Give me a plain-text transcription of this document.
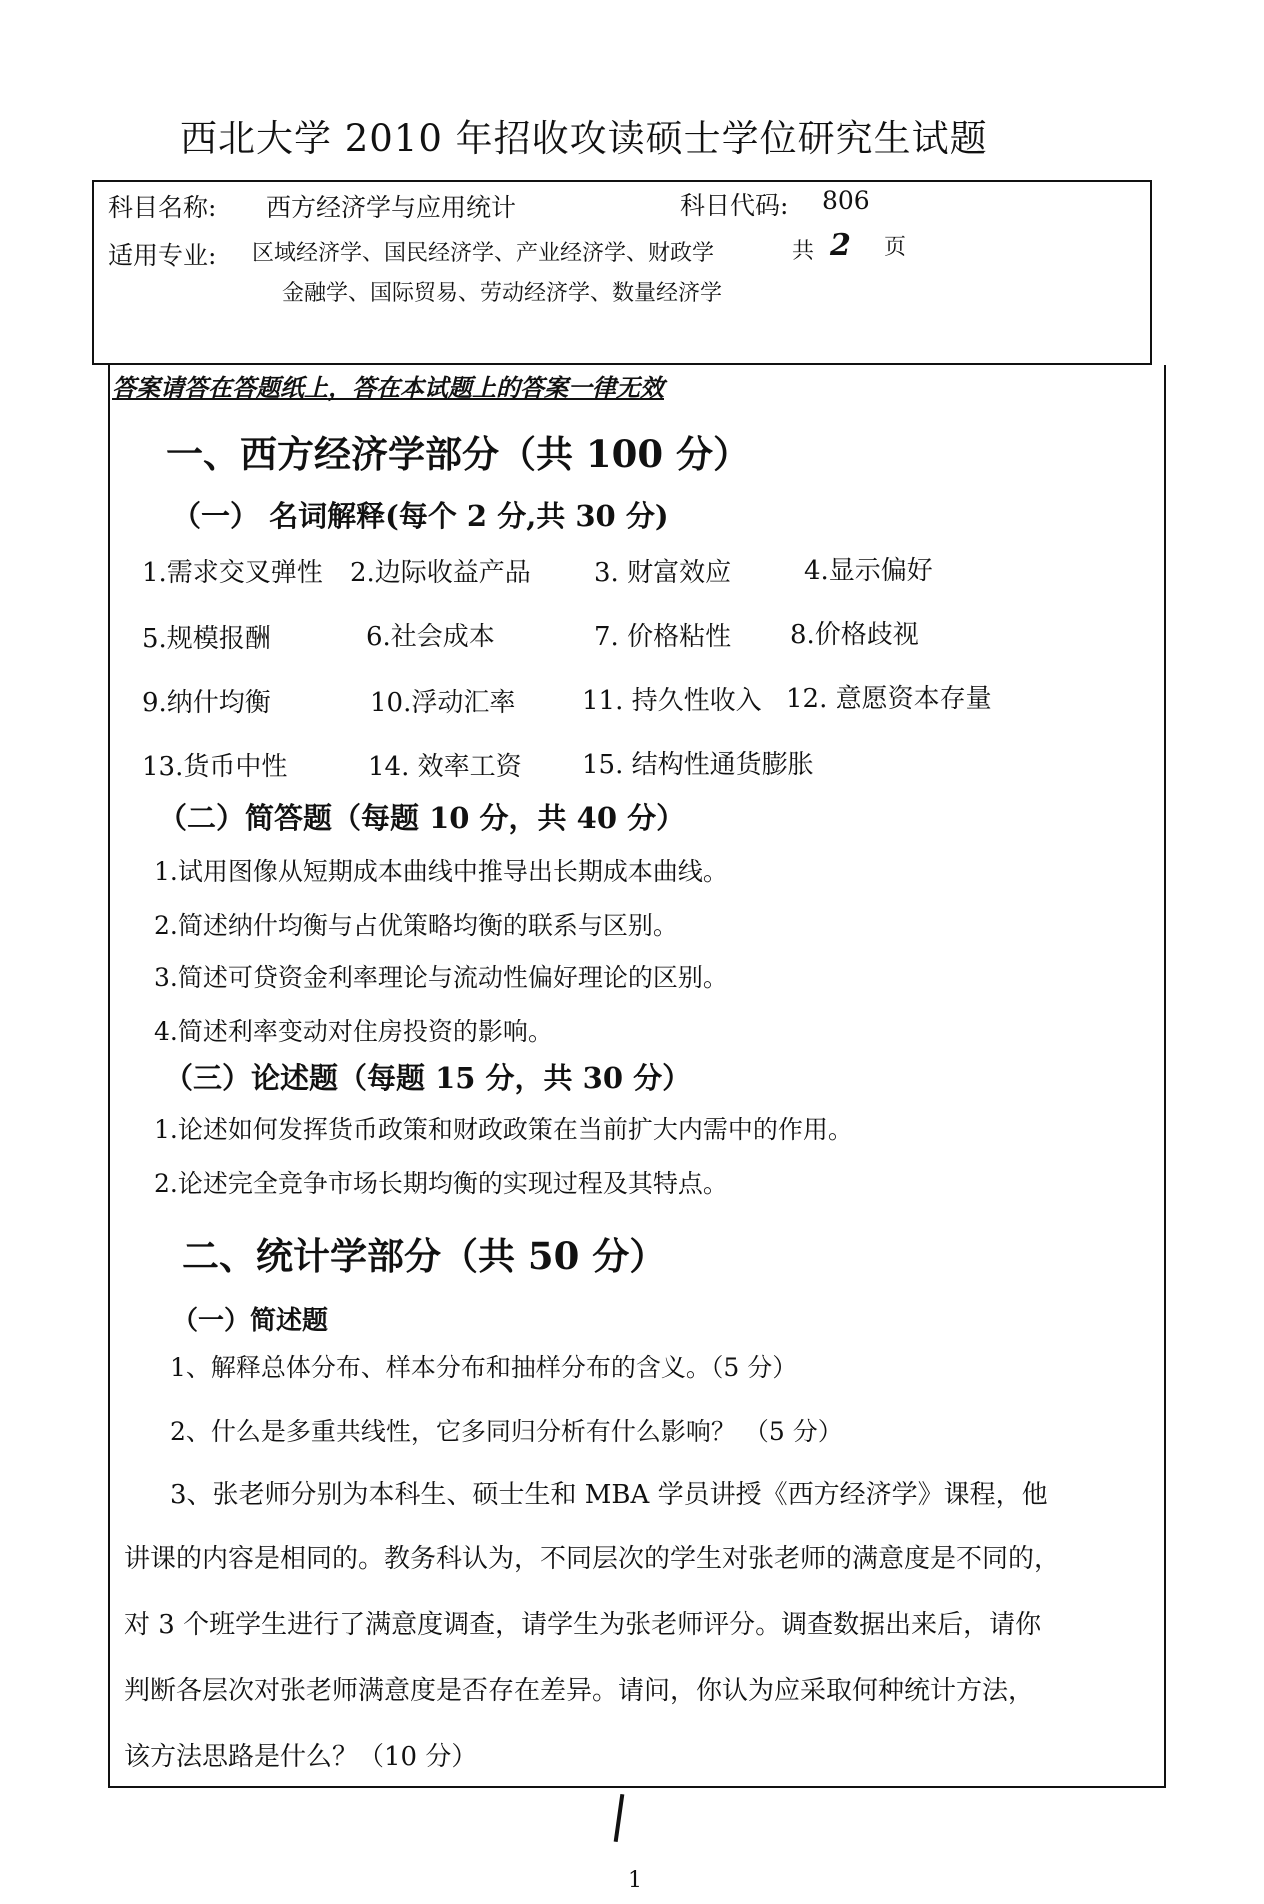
西北大学 2010 年招收攻读硕士学位研究生试题
科目名称: 西方经济学与应用统计	科日代码: 806
适用专业: 区域经济学、国民经济学、产业经济学、财政学	共 2 页
金融学、国际贸易、劳动经济学、数量经济学
答案请答在答题纸上，答在本试题上的答案一律无效
一、西方经济学部分（共 100 分）
（一） 名词解释(每个 2 分,共 30 分)
1.需求交叉弹性 2.边际收益产品 3. 财富效应	4.显示偏好
5.规模报酬	6.社会成本	7. 价格粘性 8.价格歧视
9.纳什均衡	10.浮动汇率	11. 持久性收入 12. 意愿资本存量
13.货币中性	14. 效率工资 15. 结构性通货膨胀
（二）简答题（每题 10 分，共 40 分）
1.试用图像从短期成本曲线中推导出长期成本曲线。
2.简述纳什均衡与占优策略均衡的联系与区别。
3.简述可贷资金利率理论与流动性偏好理论的区别。
4.简述利率变动对住房投资的影响。
（三）论述题（每题 15 分，共 30 分）
1.论述如何发挥货币政策和财政政策在当前扩大内需中的作用。
2.论述完全竞争市场长期均衡的实现过程及其特点。
二、统计学部分（共 50 分）
（一）简述题
1、解释总体分布、样本分布和抽样分布的含义。（5 分）
2、什么是多重共线性，它多同归分析有什么影响？ （5 分）
3、张老师分别为本科生、硕士生和 MBA 学员讲授《西方经济学》课程，他
讲课的内容是相同的。教务科认为，不同层次的学生对张老师的满意度是不同的，
对 3 个班学生进行了满意度调查，请学生为张老师评分。调查数据出来后，请你
判断各层次对张老师满意度是否存在差异。请问，你认为应采取何种统计方法，
该方法思路是什么？（10 分）
1
